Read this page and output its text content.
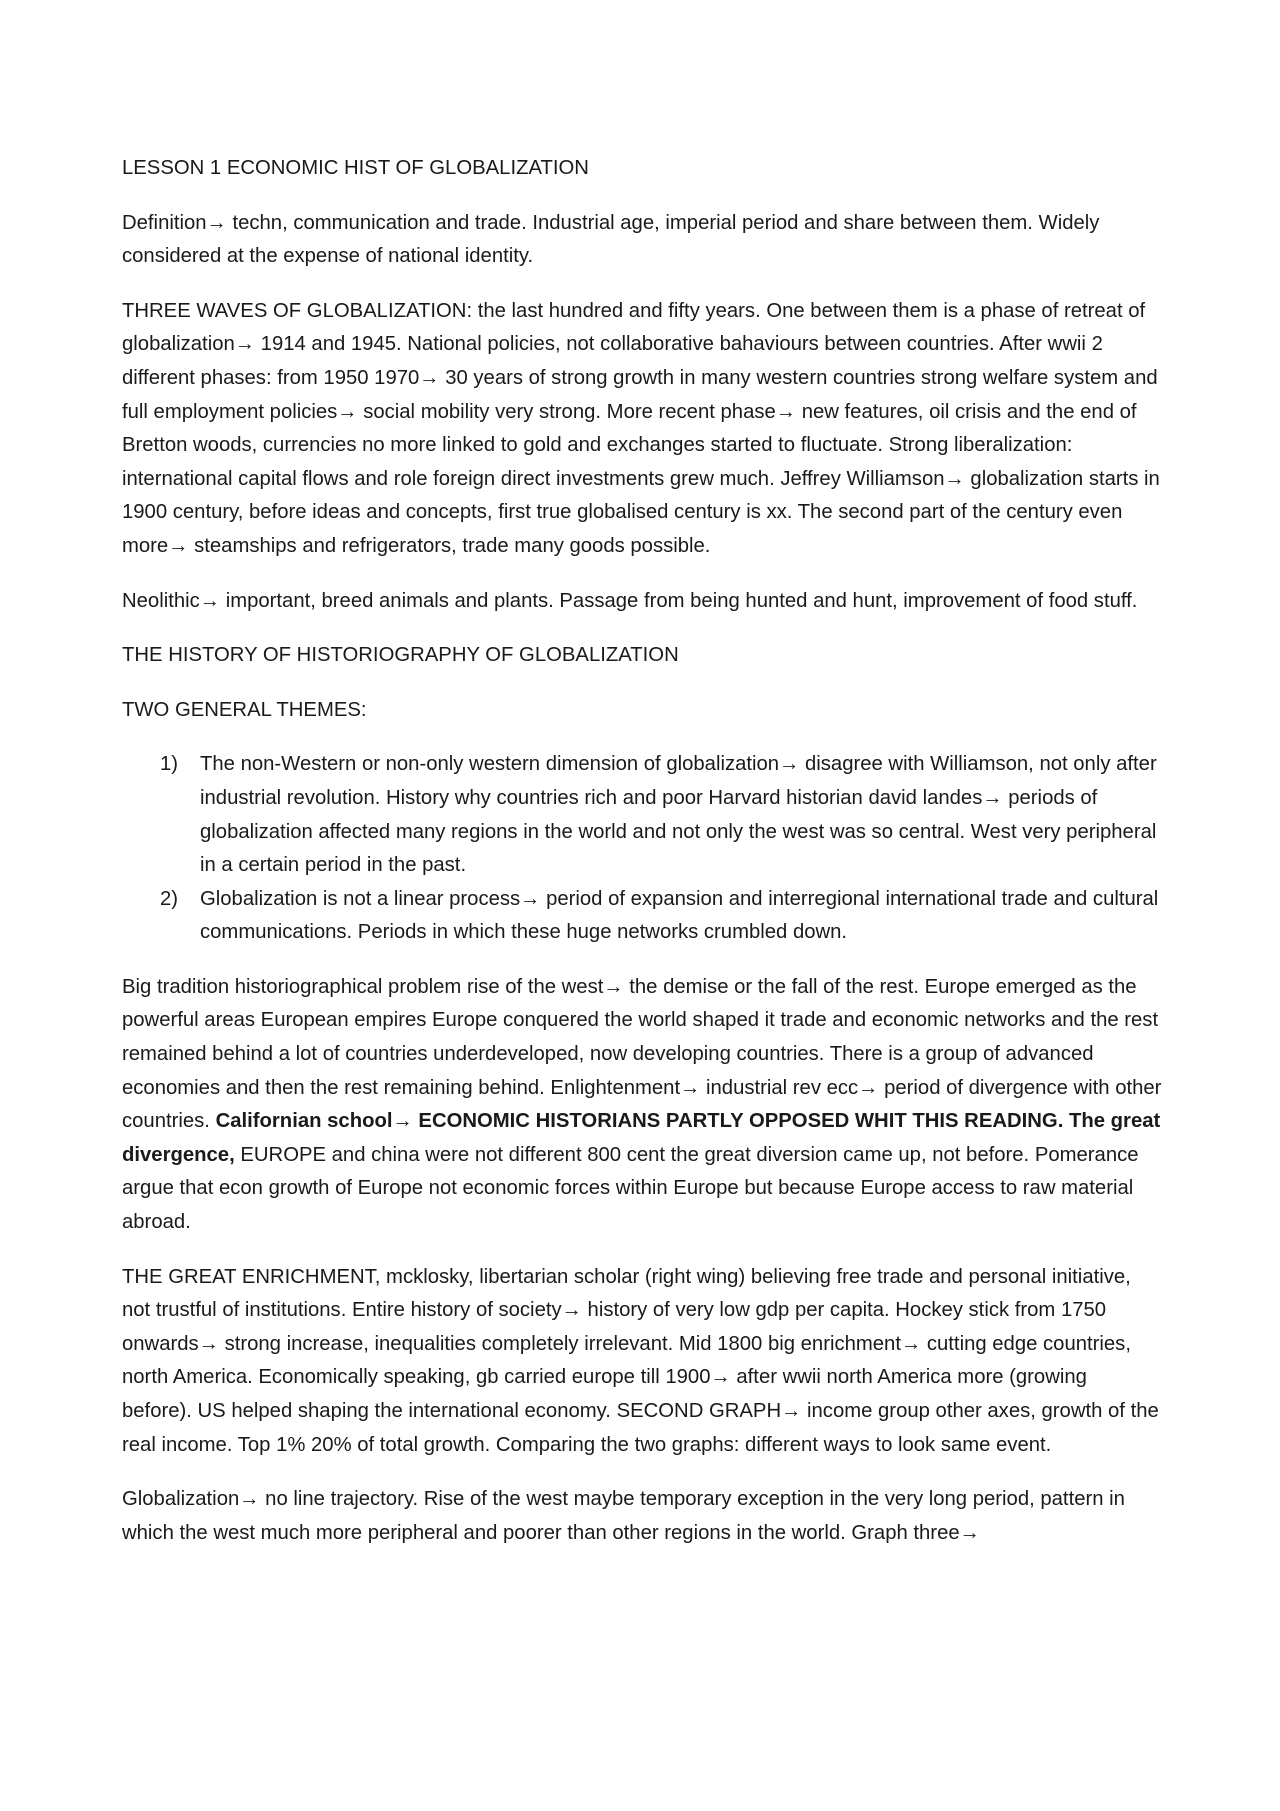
LESSON 1 ECONOMIC HIST OF GLOBALIZATION

Definition→ techn, communication and trade. Industrial age, imperial period and share between them. Widely considered at the expense of national identity.

THREE WAVES OF GLOBALIZATION: the last hundred and fifty years. One between them is a phase of retreat of globalization→ 1914 and 1945. National policies, not collaborative bahaviours between countries. After wwii 2 different phases: from 1950 1970→ 30 years of strong growth in many western countries strong welfare system and full employment policies→ social mobility very strong. More recent phase→ new features, oil crisis and the end of Bretton woods, currencies no more linked to gold and exchanges started to fluctuate. Strong liberalization: international capital flows and role foreign direct investments grew much. Jeffrey Williamson→ globalization starts in 1900 century, before ideas and concepts, first true globalised century is xx. The second part of the century even more→ steamships and refrigerators, trade many goods possible.

Neolithic→ important, breed animals and plants. Passage from being hunted and hunt, improvement of food stuff.

THE HISTORY OF HISTORIOGRAPHY OF GLOBALIZATION

TWO GENERAL THEMES:

1) The non-Western or non-only western dimension of globalization→ disagree with Williamson, not only after industrial revolution. History why countries rich and poor Harvard historian david landes→ periods of globalization affected many regions in the world and not only the west was so central. West very peripheral in a certain period in the past.
2) Globalization is not a linear process→ period of expansion and interregional international trade and cultural communications. Periods in which these huge networks crumbled down.

Big tradition historiographical problem rise of the west→ the demise or the fall of the rest. Europe emerged as the powerful areas European empires Europe conquered the world shaped it trade and economic networks and the rest remained behind a lot of countries underdeveloped, now developing countries. There is a group of advanced economies and then the rest remaining behind. Enlightenment→ industrial rev ecc→ period of divergence with other countries. Californian school→ ECONOMIC HISTORIANS PARTLY OPPOSED WHIT THIS READING. The great divergence, EUROPE and china were not different 800 cent the great diversion came up, not before. Pomerance argue that econ growth of Europe not economic forces within Europe but because Europe access to raw material abroad.

THE GREAT ENRICHMENT, mcklosky, libertarian scholar (right wing) believing free trade and personal initiative, not trustful of institutions. Entire history of society→ history of very low gdp per capita. Hockey stick from 1750 onwards→ strong increase, inequalities completely irrelevant. Mid 1800 big enrichment→ cutting edge countries, north America. Economically speaking, gb carried europe till 1900→ after wwii north America more (growing before). US helped shaping the international economy. SECOND GRAPH→ income group other axes, growth of the real income. Top 1% 20% of total growth. Comparing the two graphs: different ways to look same event.

Globalization→ no line trajectory. Rise of the west maybe temporary exception in the very long period, pattern in which the west much more peripheral and poorer than other regions in the world. Graph three→
